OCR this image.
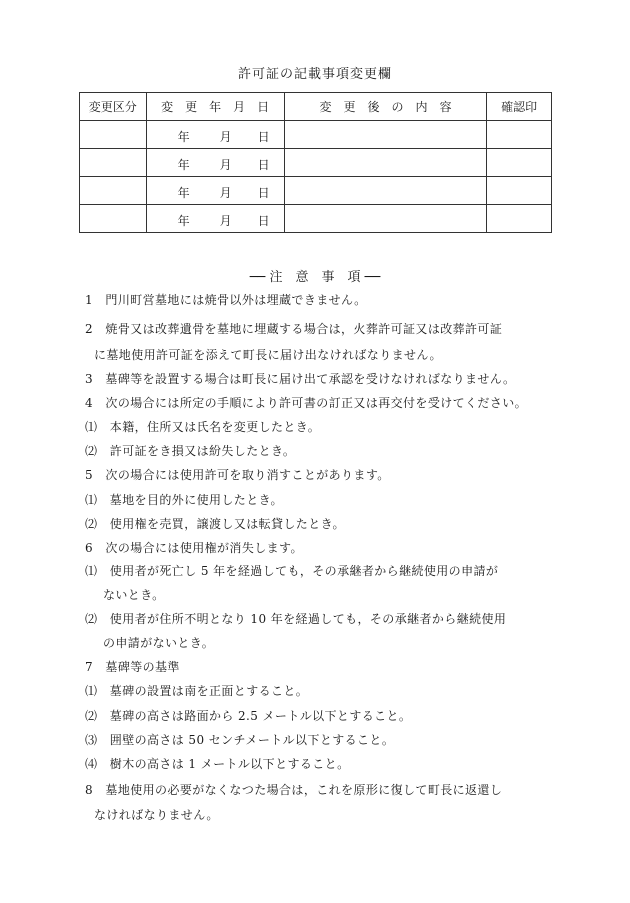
許可証の記載事項変更欄
変更区分	変　更　年　月　日	変　更　後　の　内　容	確認印

	年 月 日		

	年 月 日		

	年 月 日		

	年 月 日		

── 注　意　事　項 ──
1　門川町営墓地には焼骨以外は埋蔵できません。
2　焼骨又は改葬遺骨を墓地に埋蔵する場合は，火葬許可証又は改葬許可証
に墓地使用許可証を添えて町長に届け出なければなりません。
3　墓碑等を設置する場合は町長に届け出て承認を受けなければなりません。
4　次の場合には所定の手順により許可書の訂正又は再交付を受けてください。
⑴　本籍，住所又は氏名を変更したとき。
⑵　許可証をき損又は紛失したとき。
5　次の場合には使用許可を取り消すことがあります。
⑴　墓地を目的外に使用したとき。
⑵　使用権を売買，譲渡し又は転貸したとき。
6　次の場合には使用権が消失します。
⑴　使用者が死亡し 5 年を経過しても，その承継者から継続使用の申請が
ないとき。
⑵　使用者が住所不明となり 10 年を経過しても，その承継者から継続使用
の申請がないとき。
7　墓碑等の基準
⑴　墓碑の設置は南を正面とすること。
⑵　墓碑の高さは路面から 2.5 メートル以下とすること。
⑶　囲壁の高さは 50 センチメートル以下とすること。
⑷　樹木の高さは 1 メートル以下とすること。
8　墓地使用の必要がなくなつた場合は，これを原形に復して町長に返還し
なければなりません。
